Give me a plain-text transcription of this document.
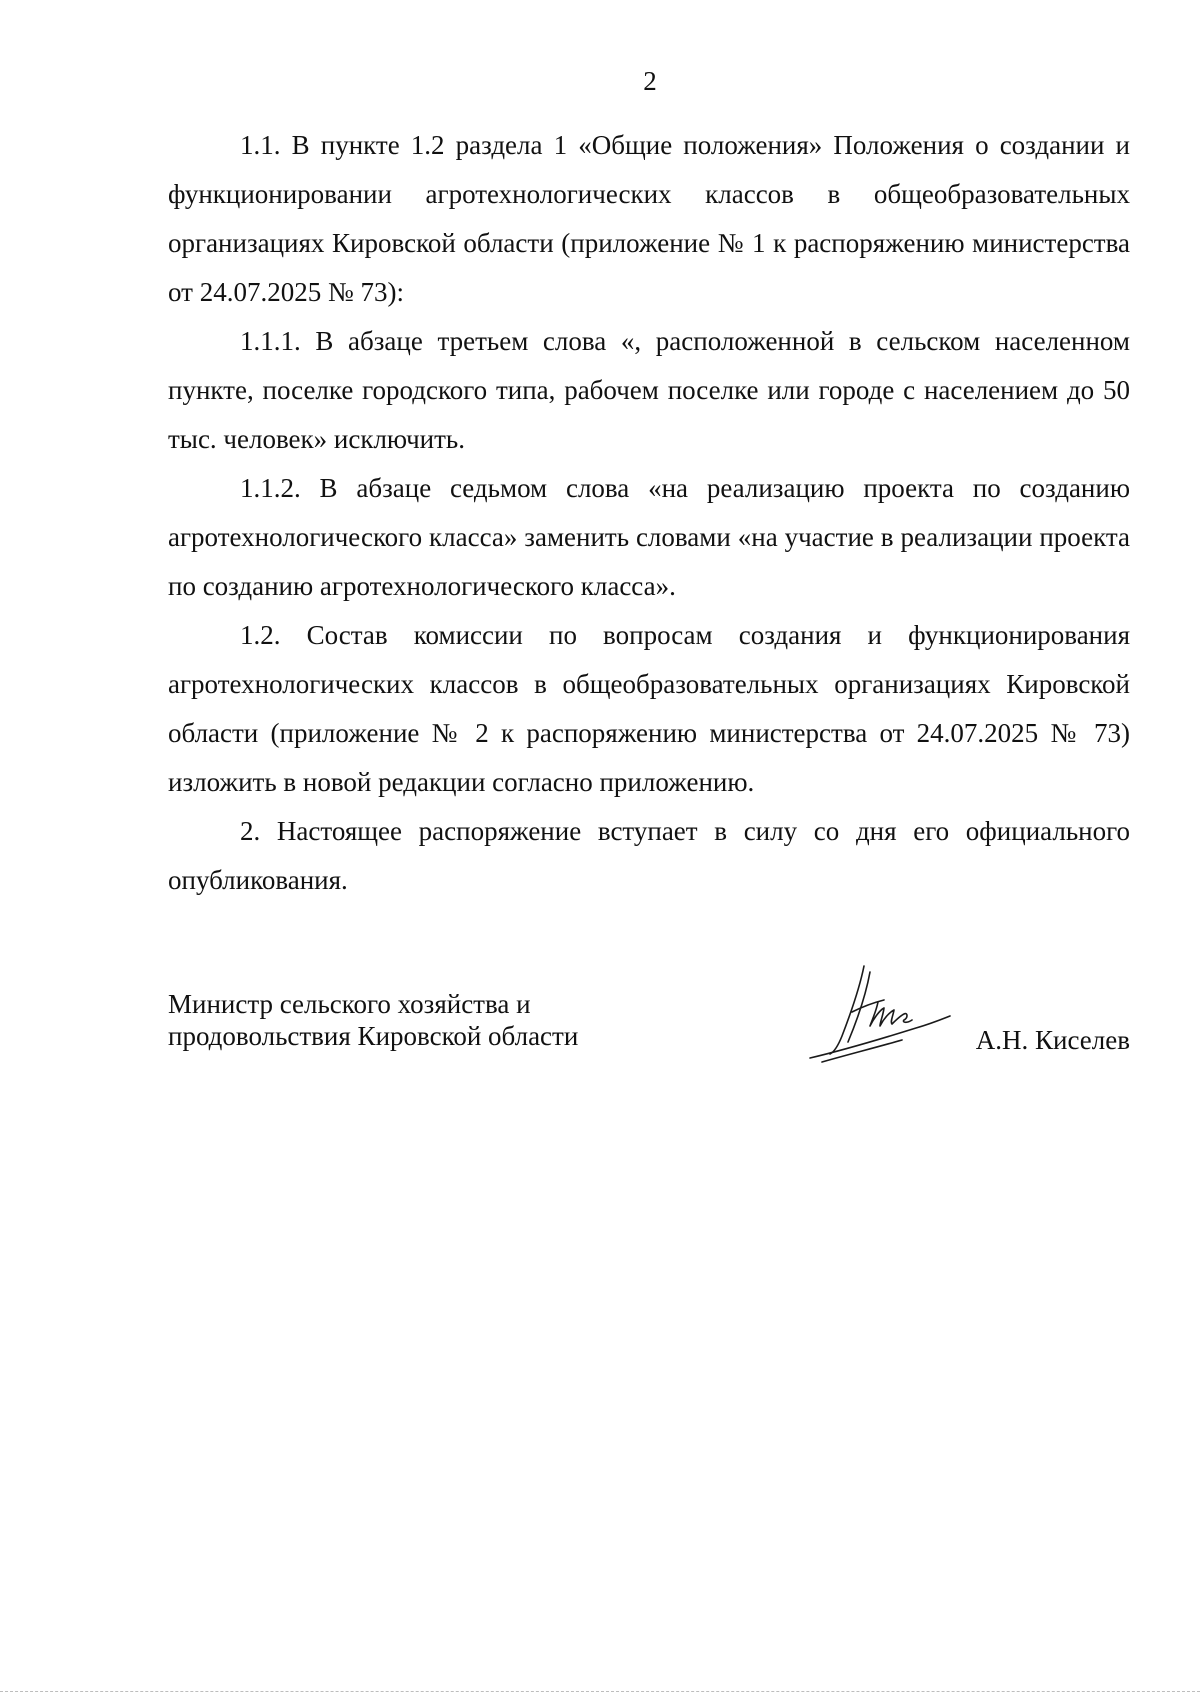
2

1.1. В пункте 1.2 раздела 1 «Общие положения» Положения о создании и функционировании агротехнологических классов в общеобразовательных организациях Кировской области (приложение № 1 к распоряжению министерства от 24.07.2025 № 73):

1.1.1. В абзаце третьем слова «, расположенной в сельском населенном пункте, поселке городского типа, рабочем поселке или городе с населением до 50 тыс. человек» исключить.

1.1.2. В абзаце седьмом слова «на реализацию проекта по созданию агротехнологического класса» заменить словами «на участие в реализации проекта по созданию агротехнологического класса».

1.2. Состав комиссии по вопросам создания и функционирования агротехнологических классов в общеобразовательных организациях Кировской области (приложение № 2 к распоряжению министерства от 24.07.2025 № 73) изложить в новой редакции согласно приложению.

2. Настоящее распоряжение вступает в силу со дня его официального опубликования.

Министр сельского хозяйства и
продовольствия Кировской области	А.Н. Киселев
